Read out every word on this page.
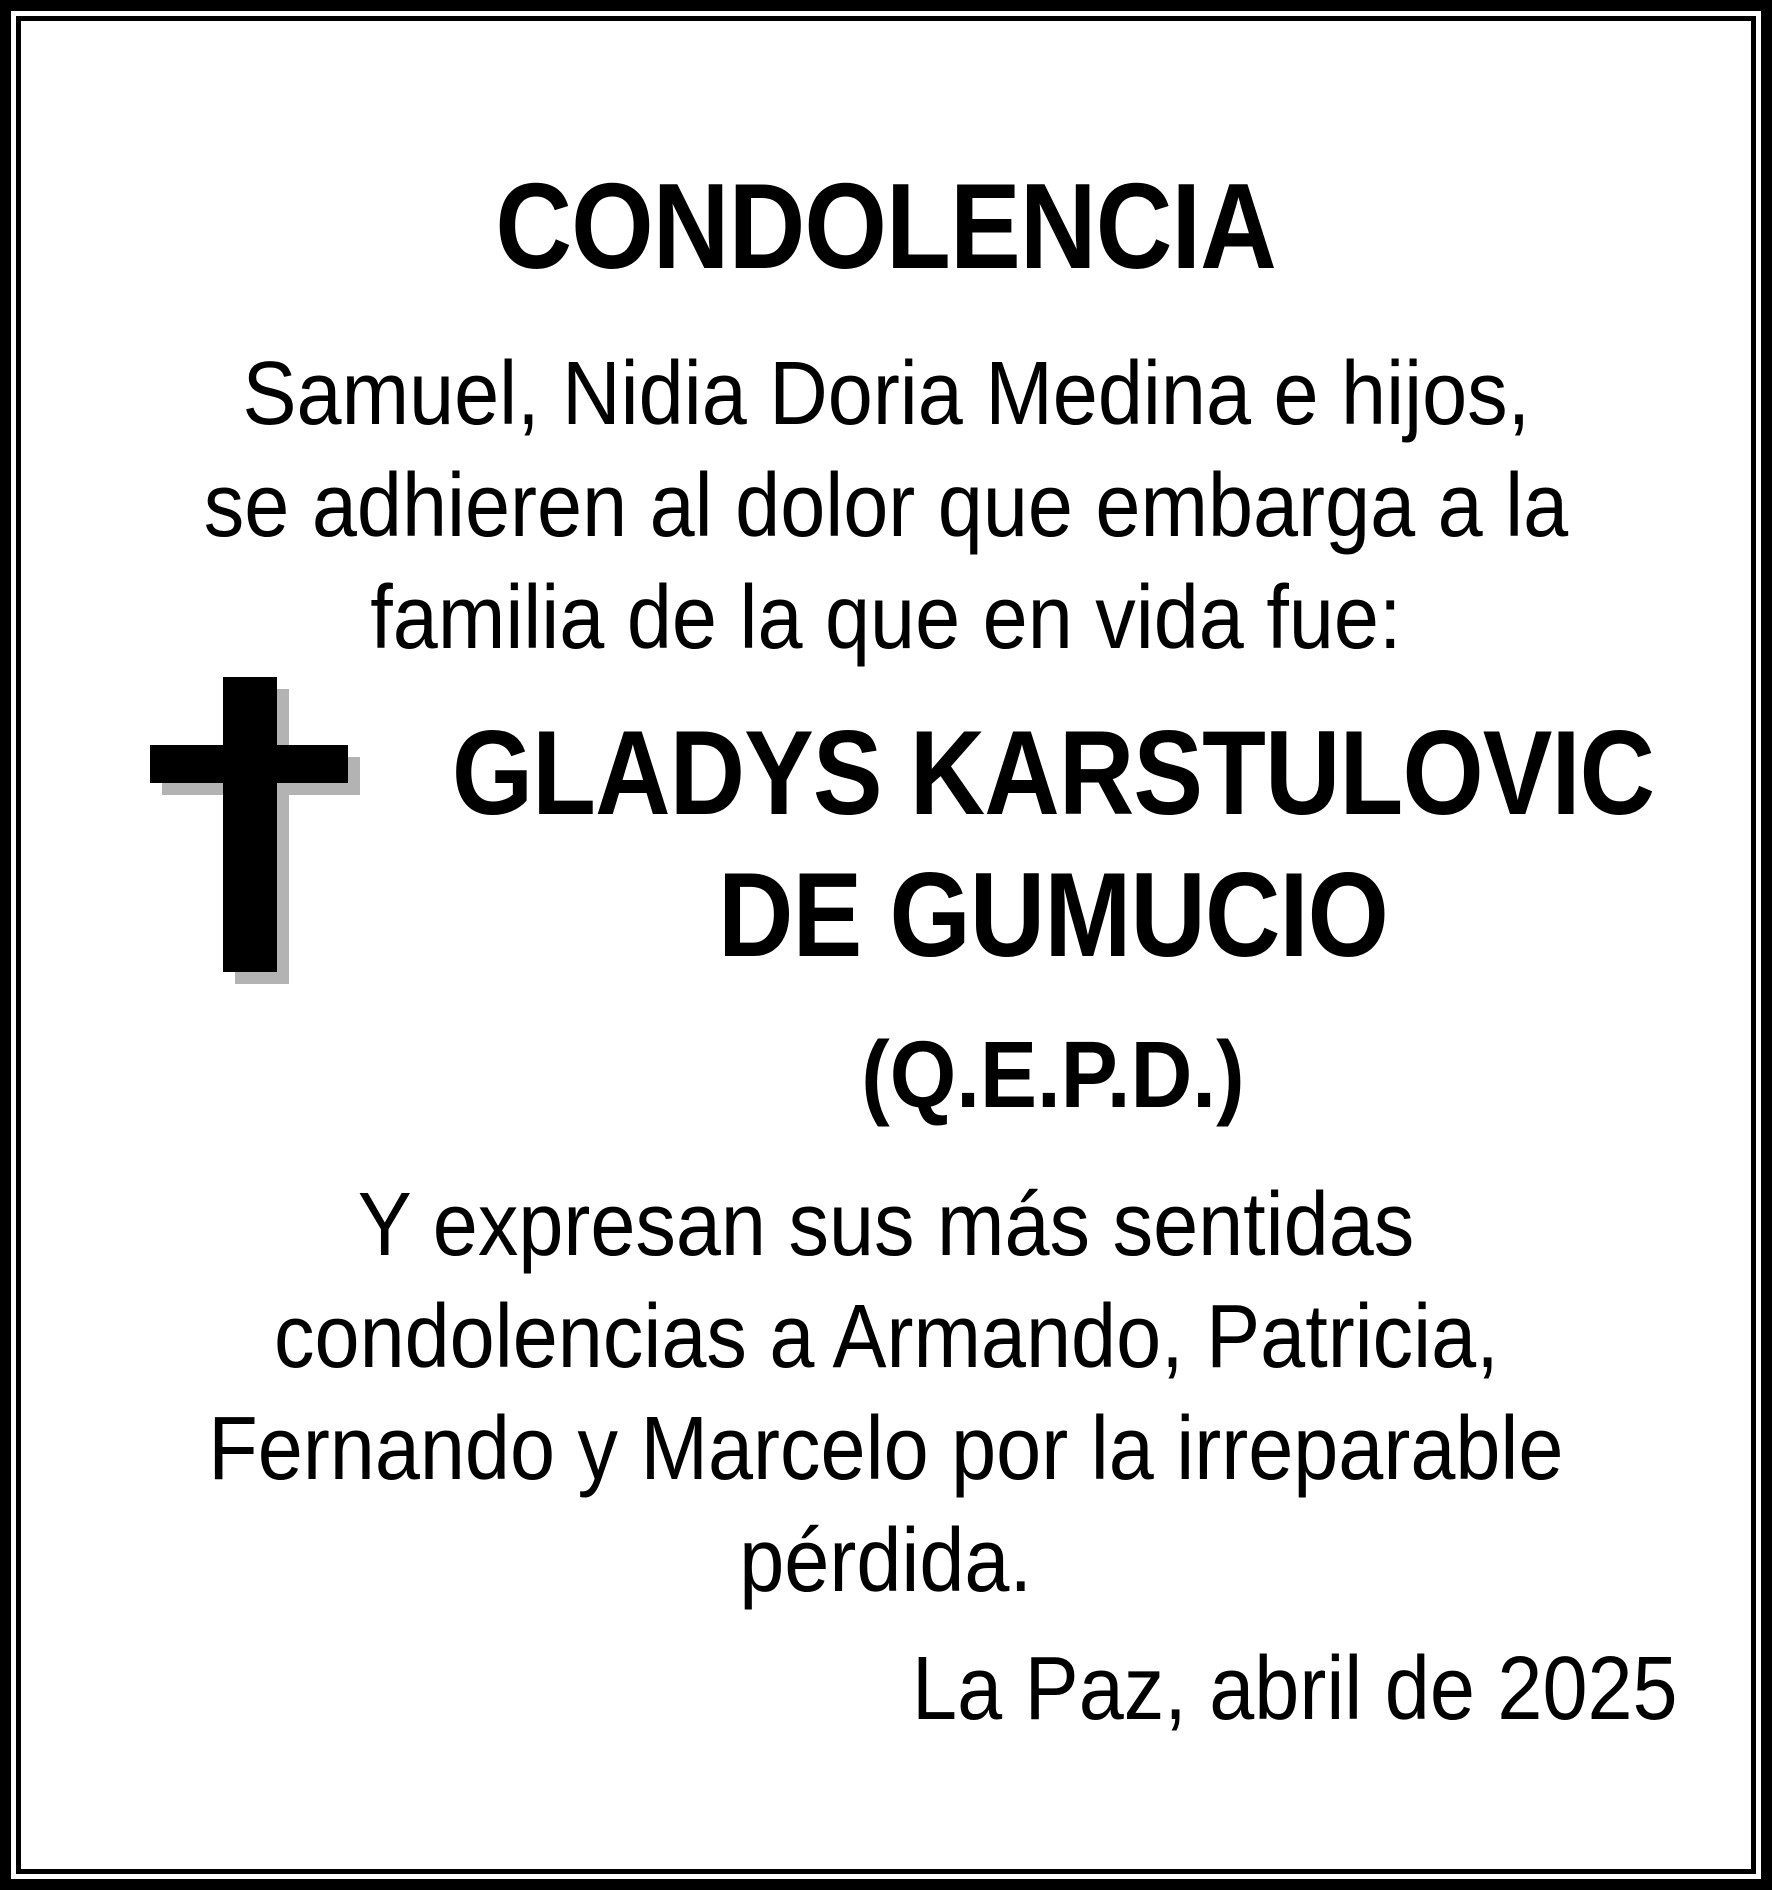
CONDOLENCIA
Samuel, Nidia Doria Medina e hijos,
se adhieren al dolor que embarga a la
familia de la que en vida fue:
GLADYS KARSTULOVIC
DE GUMUCIO
(Q.E.P.D.)
Y expresan sus más sentidas
condolencias a Armando, Patricia,
Fernando y Marcelo por la irreparable
pérdida.
La Paz, abril de 2025
